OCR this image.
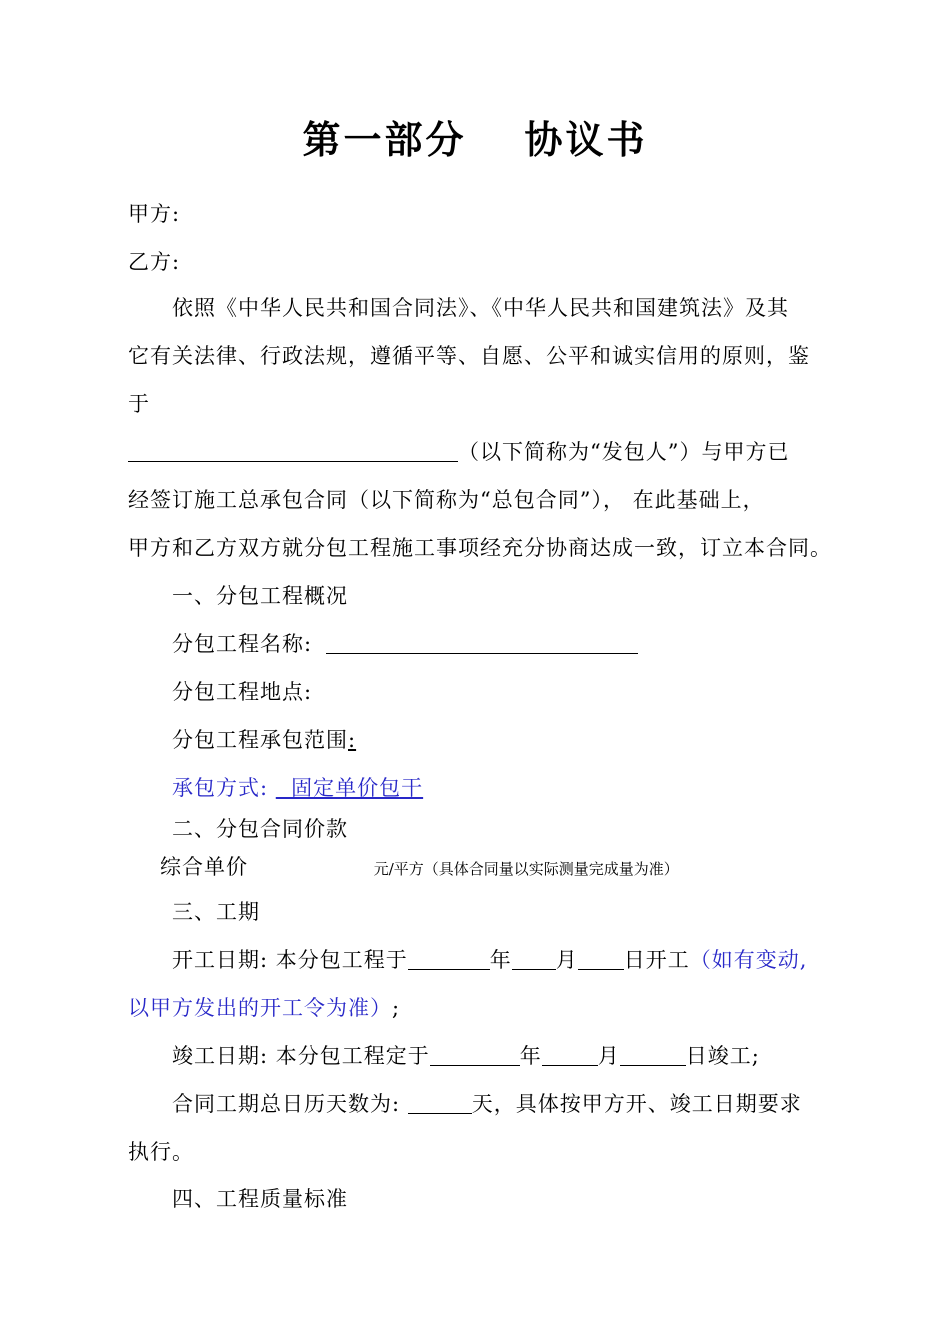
第一部分 协议书
甲方:
乙方:
依照《中华人民共和国合同法》、《中华人民共和国建筑法》及其
它有关法律、行政法规，遵循平等、自愿、公平和诚实信用的原则，鉴
于
（以下简称为“发包人”）与甲方已
经签订施工总承包合同（以下简称为“总包合同”）， 在此基础上，
甲方和乙方双方就分包工程施工事项经充分协商达成一致，订立本合同。
一、分包工程概况
分包工程名称:
分包工程地点:
分包工程承包范围:
承包方式:   固定单价包干
二、分包合同价款
综合单价	元/平方（具体合同量以实际测量完成量为准）
三、工期
开工日期: 本分包工程于	年 月 日开工（如有变动,
以甲方发出的开工令为准）;
竣工日期: 本分包工程定于	年	月	日竣工;
合同工期总日历天数为:	天，具体按甲方开、竣工日期要求
执行。
四、工程质量标准
